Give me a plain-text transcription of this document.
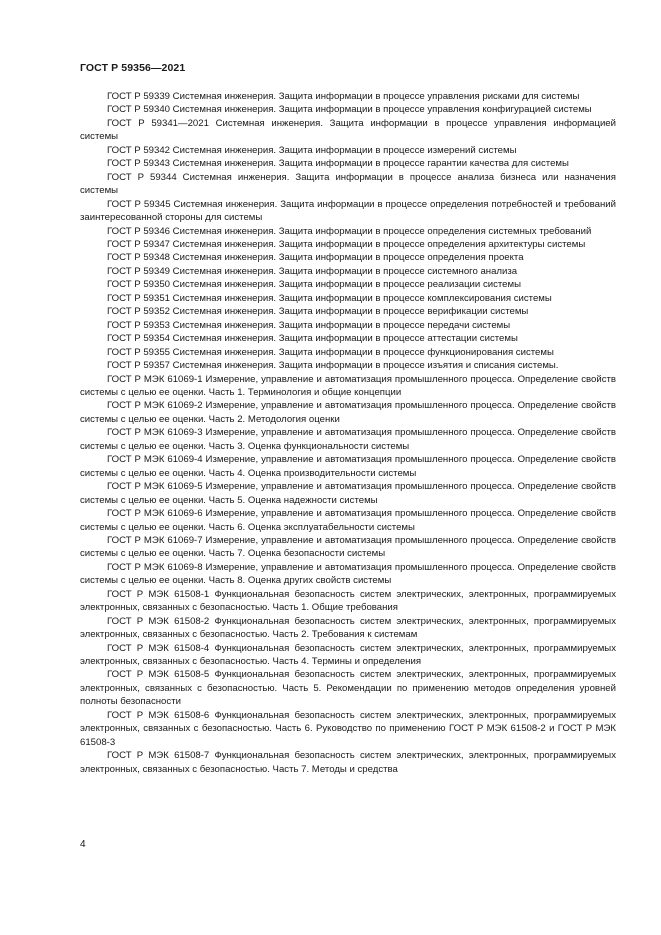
ГОСТ Р 59356—2021

ГОСТ Р 59339 Системная инженерия. Защита информации в процессе управления рисками для системы

ГОСТ Р 59340 Системная инженерия. Защита информации в процессе управления конфигурацией системы

ГОСТ Р 59341—2021 Системная инженерия. Защита информации в процессе управления информацией системы

ГОСТ Р 59342 Системная инженерия. Защита информации в процессе измерений системы

ГОСТ Р 59343 Системная инженерия. Защита информации в процессе гарантии качества для системы

ГОСТ Р 59344 Системная инженерия. Защита информации в процессе анализа бизнеса или назначения системы

ГОСТ Р 59345 Системная инженерия. Защита информации в процессе определения потребностей и требований заинтересованной стороны для системы

ГОСТ Р 59346 Системная инженерия. Защита информации в процессе определения системных требований

ГОСТ Р 59347 Системная инженерия. Защита информации в процессе определения архитектуры системы

ГОСТ Р 59348 Системная инженерия. Защита информации в процессе определения проекта

ГОСТ Р 59349 Системная инженерия. Защита информации в процессе системного анализа

ГОСТ Р 59350 Системная инженерия. Защита информации в процессе реализации системы

ГОСТ Р 59351 Системная инженерия. Защита информации в процессе комплексирования системы

ГОСТ Р 59352 Системная инженерия. Защита информации в процессе верификации системы

ГОСТ Р 59353 Системная инженерия. Защита информации в процессе передачи системы

ГОСТ Р 59354 Системная инженерия. Защита информации в процессе аттестации системы

ГОСТ Р 59355 Системная инженерия. Защита информации в процессе функционирования системы

ГОСТ Р 59357 Системная инженерия. Защита информации в процессе изъятия и списания системы.

ГОСТ Р МЭК 61069-1 Измерение, управление и автоматизация промышленного процесса. Определение свойств системы с целью ее оценки. Часть 1. Терминология и общие концепции

ГОСТ Р МЭК 61069-2 Измерение, управление и автоматизация промышленного процесса. Определение свойств системы с целью ее оценки. Часть 2. Методология оценки

ГОСТ Р МЭК 61069-3 Измерение, управление и автоматизация промышленного процесса. Определение свойств системы с целью ее оценки. Часть 3. Оценка функциональности системы

ГОСТ Р МЭК 61069-4 Измерение, управление и автоматизация промышленного процесса. Определение свойств системы с целью ее оценки. Часть 4. Оценка производительности системы

ГОСТ Р МЭК 61069-5 Измерение, управление и автоматизация промышленного процесса. Определение свойств системы с целью ее оценки. Часть 5. Оценка надежности системы

ГОСТ Р МЭК 61069-6 Измерение, управление и автоматизация промышленного процесса. Определение свойств системы с целью ее оценки. Часть 6. Оценка эксплуатабельности системы

ГОСТ Р МЭК 61069-7 Измерение, управление и автоматизация промышленного процесса. Определение свойств системы с целью ее оценки. Часть 7. Оценка безопасности системы

ГОСТ Р МЭК 61069-8 Измерение, управление и автоматизация промышленного процесса. Определение свойств системы с целью ее оценки. Часть 8. Оценка других свойств системы

ГОСТ Р МЭК 61508-1 Функциональная безопасность систем электрических, электронных, программируемых электронных, связанных с безопасностью. Часть 1. Общие требования

ГОСТ Р МЭК 61508-2 Функциональная безопасность систем электрических, электронных, программируемых электронных, связанных с безопасностью. Часть 2. Требования к системам

ГОСТ Р МЭК 61508-4 Функциональная безопасность систем электрических, электронных, программируемых электронных, связанных с безопасностью. Часть 4. Термины и определения

ГОСТ Р МЭК 61508-5 Функциональная безопасность систем электрических, электронных, программируемых электронных, связанных с безопасностью. Часть 5. Рекомендации по применению методов определения уровней полноты безопасности

ГОСТ Р МЭК 61508-6 Функциональная безопасность систем электрических, электронных, программируемых электронных, связанных с безопасностью. Часть 6. Руководство по применению ГОСТ Р МЭК 61508-2 и ГОСТ Р МЭК 61508-3

ГОСТ Р МЭК 61508-7 Функциональная безопасность систем электрических, электронных, программируемых электронных, связанных с безопасностью. Часть 7. Методы и средства

4
